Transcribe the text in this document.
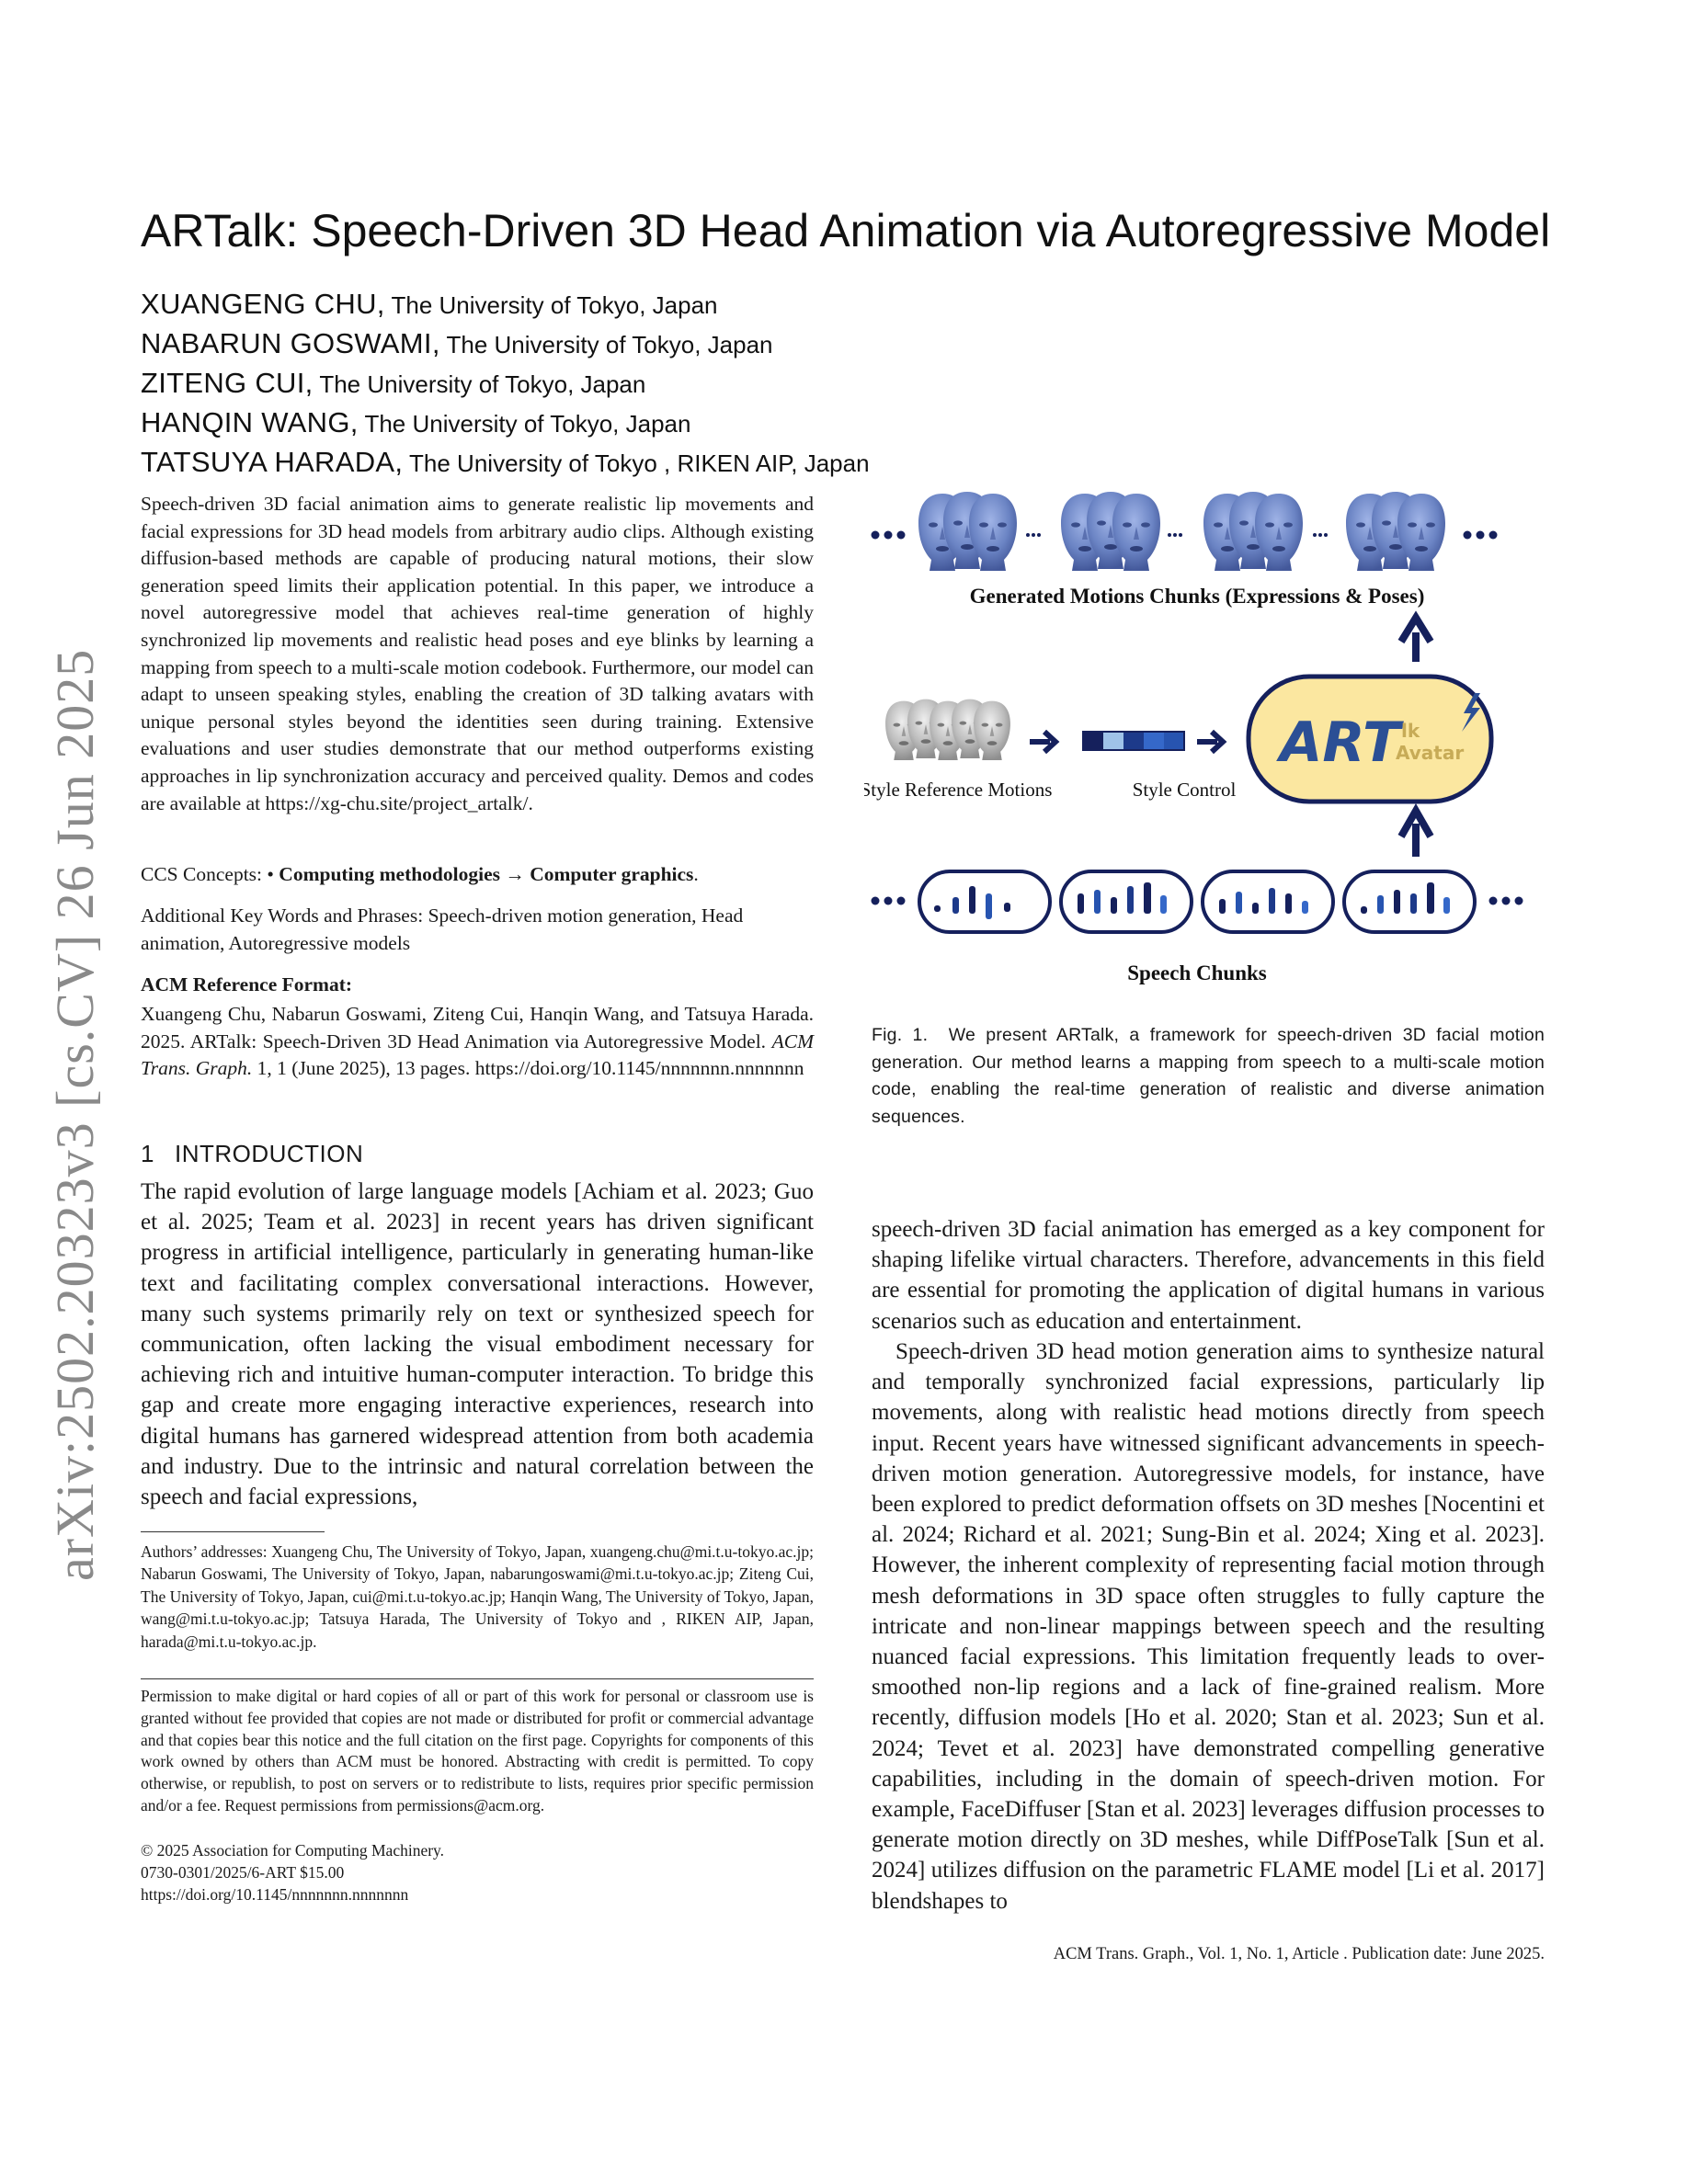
arXiv:2502.20323v3 [cs.CV] 26 Jun 2025
ARTalk: Speech-Driven 3D Head Animation via Autoregressive Model
XUANGENG CHU, The University of Tokyo, Japan
NABARUN GOSWAMI, The University of Tokyo, Japan
ZITENG CUI, The University of Tokyo, Japan
HANQIN WANG, The University of Tokyo, Japan
TATSUYA HARADA, The University of Tokyo , RIKEN AIP, Japan

Speech-driven 3D facial animation aims to generate realistic lip movements and facial expressions for 3D head models from arbitrary audio clips. Although existing diffusion-based methods are capable of producing natural motions, their slow generation speed limits their application potential. In this paper, we introduce a novel autoregressive model that achieves real-time generation of highly synchronized lip movements and realistic head poses and eye blinks by learning a mapping from speech to a multi-scale motion codebook. Furthermore, our model can adapt to unseen speaking styles, enabling the creation of 3D talking avatars with unique personal styles beyond the identities seen during training. Extensive evaluations and user studies demonstrate that our method outperforms existing approaches in lip synchronization accuracy and perceived quality. Demos and codes are available at https://xg-chu.site/project_artalk/.

CCS Concepts: • Computing methodologies → Computer graphics.

Additional Key Words and Phrases: Speech-driven motion generation, Head animation, Autoregressive models

ACM Reference Format:

Xuangeng Chu, Nabarun Goswami, Ziteng Cui, Hanqin Wang, and Tatsuya Harada. 2025. ARTalk: Speech-Driven 3D Head Animation via Autoregressive Model. ACM Trans. Graph. 1, 1 (June 2025), 13 pages. https://doi.org/10.1145/nnnnnnn.nnnnnnn

1 INTRODUCTION

The rapid evolution of large language models [Achiam et al. 2023; Guo et al. 2025; Team et al. 2023] in recent years has driven significant progress in artificial intelligence, particularly in generating human-like text and facilitating complex conversational interactions. However, many such systems primarily rely on text or synthesized speech for communication, often lacking the visual embodiment necessary for achieving rich and intuitive human-computer interaction. To bridge this gap and create more engaging interactive experiences, research into digital humans has garnered widespread attention from both academia and industry. Due to the intrinsic and natural correlation between the speech and facial expressions,

Authors’ addresses: Xuangeng Chu, The University of Tokyo, Japan, xuangeng.chu@mi.t.u-tokyo.ac.jp; Nabarun Goswami, The University of Tokyo, Japan, nabarungoswami@mi.t.u-tokyo.ac.jp; Ziteng Cui, The University of Tokyo, Japan, cui@mi.t.u-tokyo.ac.jp; Hanqin Wang, The University of Tokyo, Japan, wang@mi.t.u-tokyo.ac.jp; Tatsuya Harada, The University of Tokyo and , RIKEN AIP, Japan, harada@mi.t.u-tokyo.ac.jp.

Permission to make digital or hard copies of all or part of this work for personal or classroom use is granted without fee provided that copies are not made or distributed for profit or commercial advantage and that copies bear this notice and the full citation on the first page. Copyrights for components of this work owned by others than ACM must be honored. Abstracting with credit is permitted. To copy otherwise, or republish, to post on servers or to redistribute to lists, requires prior specific permission and/or a fee. Request permissions from permissions@acm.org.

© 2025 Association for Computing Machinery.
0730-0301/2025/6-ART $15.00
https://doi.org/10.1145/nnnnnnn.nnnnnnn
Generated Motions Chunks (Expressions & Poses)
Style Reference Motions	Style Control
ART lk
Avatar
Speech Chunks

Fig. 1. We present ARTalk, a framework for speech-driven 3D facial motion generation. Our method learns a mapping from speech to a multi-scale motion code, enabling the real-time generation of realistic and diverse animation sequences.

speech-driven 3D facial animation has emerged as a key component for shaping lifelike virtual characters. Therefore, advancements in this field are essential for promoting the application of digital humans in various scenarios such as education and entertainment.

Speech-driven 3D head motion generation aims to synthesize natural and temporally synchronized facial expressions, particularly lip movements, along with realistic head motions directly from speech input. Recent years have witnessed significant advancements in speech-driven motion generation. Autoregressive models, for instance, have been explored to predict deformation offsets on 3D meshes [Nocentini et al. 2024; Richard et al. 2021; Sung-Bin et al. 2024; Xing et al. 2023]. However, the inherent complexity of representing facial motion through mesh deformations in 3D space often struggles to fully capture the intricate and non-linear mappings between speech and the resulting nuanced facial expressions. This limitation frequently leads to over-smoothed non-lip regions and a lack of fine-grained realism. More recently, diffusion models [Ho et al. 2020; Stan et al. 2023; Sun et al. 2024; Tevet et al. 2023] have demonstrated compelling generative capabilities, including in the domain of speech-driven motion. For example, FaceDiffuser [Stan et al. 2023] leverages diffusion processes to generate motion directly on 3D meshes, while DiffPoseTalk [Sun et al. 2024] utilizes diffusion on the parametric FLAME model [Li et al. 2017] blendshapes to

ACM Trans. Graph., Vol. 1, No. 1, Article . Publication date: June 2025.
